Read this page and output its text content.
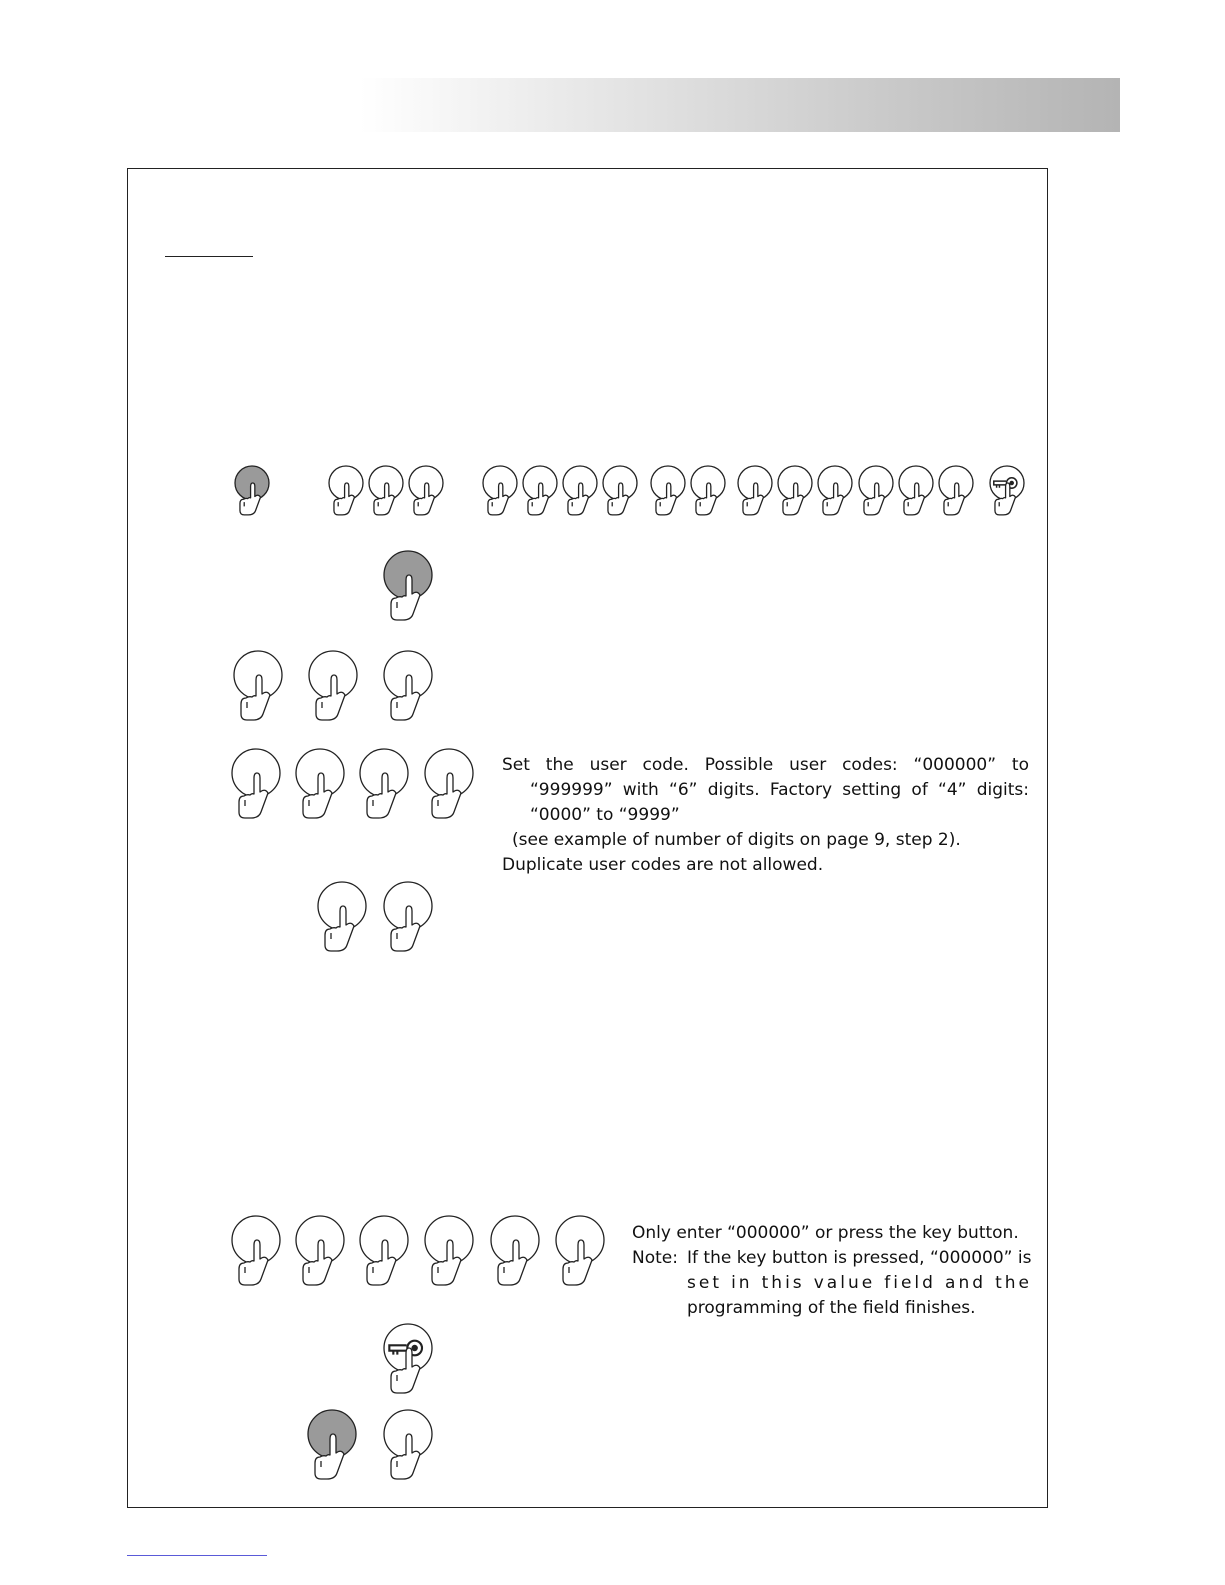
Set the user code. Possible user codes: “000000” to

“999999” with “6” digits. Factory setting of “4” digits:

“0000” to “9999”

(see example of number of digits on page 9, step 2).

Duplicate user codes are not allowed.

Only enter “000000” or press the key button.

Note: If the key button is pressed, “000000” is

set in this value field and the

programming of the field finishes.
